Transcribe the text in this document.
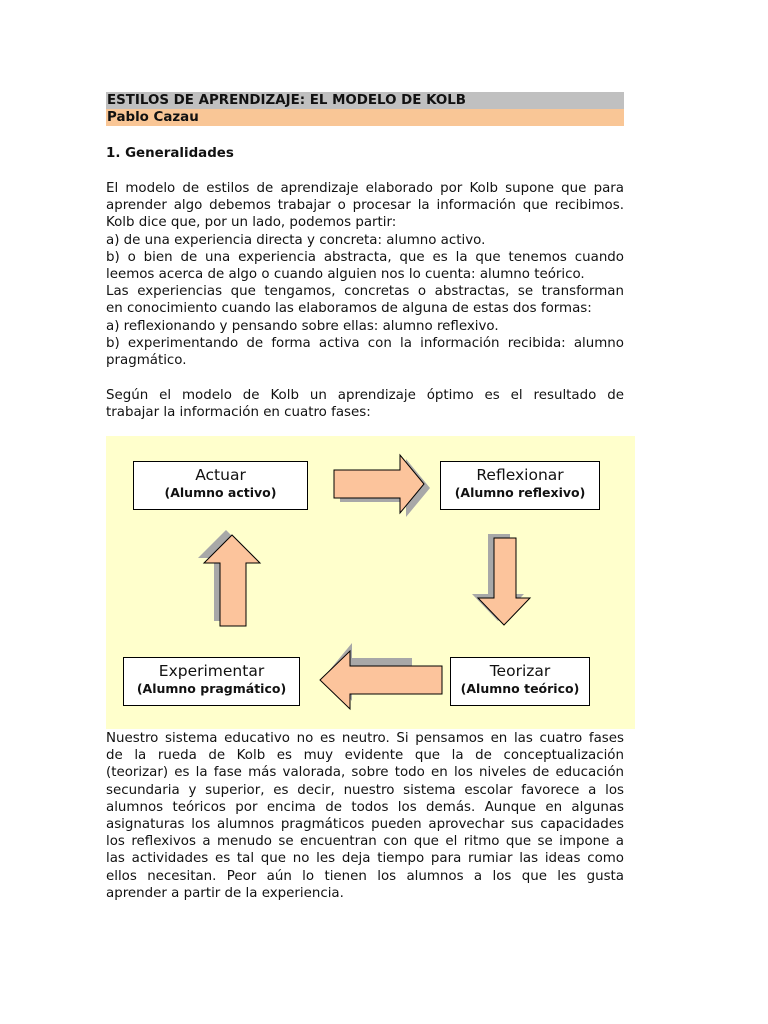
ESTILOS DE APRENDIZAJE: EL MODELO DE KOLB
Pablo Cazau
1. Generalidades
El modelo de estilos de aprendizaje elaborado por Kolb supone que para
aprender algo debemos trabajar o procesar la información que recibimos.
Kolb dice que, por un lado, podemos partir:
a) de una experiencia directa y concreta: alumno activo.
b) o bien de una experiencia abstracta, que es la que tenemos cuando
leemos acerca de algo o cuando alguien nos lo cuenta: alumno teórico.
Las experiencias que tengamos, concretas o abstractas, se transforman
en conocimiento cuando las elaboramos de alguna de estas dos formas:
a) reflexionando y pensando sobre ellas: alumno reflexivo.
b) experimentando de forma activa con la información recibida: alumno
pragmático.
Según el modelo de Kolb un aprendizaje óptimo es el resultado de
trabajar la información en cuatro fases:
Actuar
(Alumno activo)
Reflexionar
(Alumno reflexivo)
Teorizar
(Alumno teórico)
Experimentar
(Alumno pragmático)
Nuestro sistema educativo no es neutro. Si pensamos en las cuatro fases
de la rueda de Kolb es muy evidente que la de conceptualización
(teorizar) es la fase más valorada, sobre todo en los niveles de educación
secundaria y superior, es decir, nuestro sistema escolar favorece a los
alumnos teóricos por encima de todos los demás. Aunque en algunas
asignaturas los alumnos pragmáticos pueden aprovechar sus capacidades
los reflexivos a menudo se encuentran con que el ritmo que se impone a
las actividades es tal que no les deja tiempo para rumiar las ideas como
ellos necesitan. Peor aún lo tienen los alumnos a los que les gusta
aprender a partir de la experiencia.
